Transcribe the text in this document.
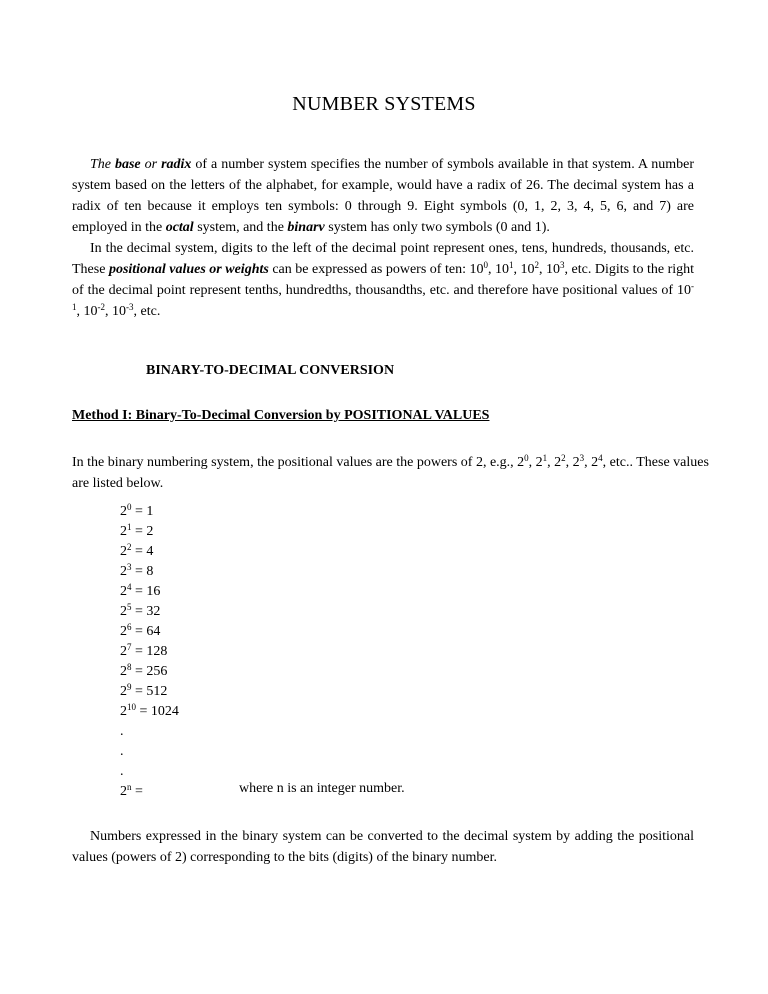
NUMBER SYSTEMS

The base or radix of a number system specifies the number of symbols available in that system. A number system based on the letters of the alphabet, for example, would have a radix of 26. The decimal system has a radix of ten because it employs ten symbols: 0 through 9. Eight symbols (0, 1, 2, 3, 4, 5, 6, and 7) are employed in the octal system, and the binarv system has only two symbols (0 and 1).

In the decimal system, digits to the left of the decimal point represent ones, tens, hundreds, thousands, etc. These positional values or weights can be expressed as powers of ten: $10^0$, $10^1$, $10^2$, $10^3$, etc. Digits to the right of the decimal point represent tenths, hundredths, thousandths, etc. and therefore have positional values of $10^{-1}$, $10^{-2}$, $10^{-3}$, etc.

BINARY-TO-DECIMAL CONVERSION
Method I: Binary-To-Decimal Conversion by POSITIONAL VALUES

In the binary numbering system, the positional values are the powers of 2, e.g., $2^0$, $2^1$, $2^2$, $2^3$, $2^4$, etc.. These values are listed below.

$2^0 = 1$
$2^1 = 2$
$2^2 = 4$
$2^3 = 8$
$2^4 = 16$
$2^5 = 32$
$2^6 = 64$
$2^7 = 128$
$2^8 = 256$
$2^9 = 512$
$2^{10} = 1024$
.
.
.
$2^n$ =	where n is an integer number.

Numbers expressed in the binary system can be converted to the decimal system by adding the positional values (powers of 2) corresponding to the bits (digits) of the binary number.
